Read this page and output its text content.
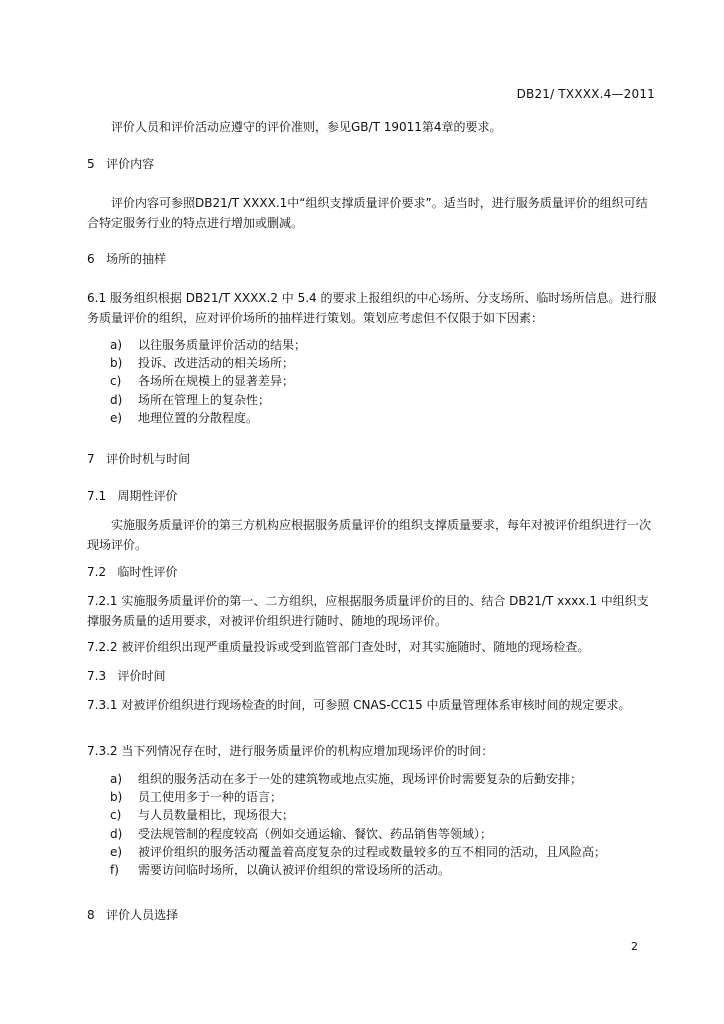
DB21/ TXXXX.4—2011
评价人员和评价活动应遵守的评价准则，参见GB/T 19011第4章的要求。
5   评价内容
评价内容可参照DB21/T XXXX.1中“组织支撑质量评价要求”。适当时，进行服务质量评价的组织可结合特定服务行业的特点进行增加或删减。
6   场所的抽样
6.1 服务组织根据 DB21/T XXXX.2 中 5.4 的要求上报组织的中心场所、分支场所、临时场所信息。进行服务质量评价的组织，应对评价场所的抽样进行策划。策划应考虑但不仅限于如下因素：
a)	以往服务质量评价活动的结果；
b)	投诉、改进活动的相关场所；
c)	各场所在规模上的显著差异；
d)	场所在管理上的复杂性；
e)	地理位置的分散程度。
7   评价时机与时间
7.1   周期性评价
实施服务质量评价的第三方机构应根据服务质量评价的组织支撑质量要求，每年对被评价组织进行一次现场评价。
7.2   临时性评价
7.2.1 实施服务质量评价的第一、二方组织，应根据服务质量评价的目的、结合 DB21/T xxxx.1 中组织支撑服务质量的适用要求，对被评价组织进行随时、随地的现场评价。
7.2.2 被评价组织出现严重质量投诉或受到监管部门查处时，对其实施随时、随地的现场检查。
7.3   评价时间
7.3.1 对被评价组织进行现场检查的时间，可参照 CNAS-CC15 中质量管理体系审核时间的规定要求。
7.3.2 当下列情况存在时，进行服务质量评价的机构应增加现场评价的时间：
a)	组织的服务活动在多于一处的建筑物或地点实施，现场评价时需要复杂的后勤安排；
b)	员工使用多于一种的语言；
c)	与人员数量相比，现场很大；
d)	受法规管制的程度较高（例如交通运输、餐饮、药品销售等领域）；
e)	被评价组织的服务活动覆盖着高度复杂的过程或数量较多的互不相同的活动，且风险高；
f)	需要访问临时场所，以确认被评价组织的常设场所的活动。
8   评价人员选择
2
